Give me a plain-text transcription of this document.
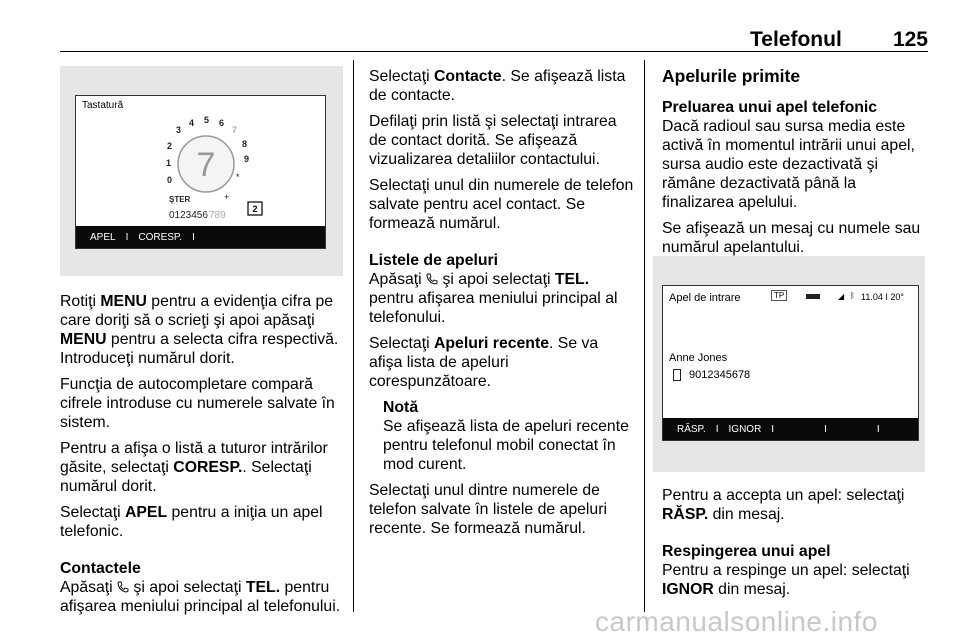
Telefonul 125
Tastatură
3
4 5 6
7
2	8
1	9
0 7 *
+
ŞTER
0123456 789
2
APEL I CORESP. I

Rotiţi MENU pentru a evidenţia cifra pe care doriţi să o scrieţi şi apoi apăsaţi MENU pentru a selecta cifra respectivă. Introduceţi numărul dorit.

Funcţia de autocompletare compară cifrele introduse cu numerele salvate în sistem.

Pentru a afişa o listă a tuturor intrărilor găsite, selectaţi CORESP.. Selectaţi numărul dorit.

Selectaţi APEL pentru a iniţia un apel telefonic.

Contactele

Apăsaţi  şi apoi selectaţi TEL. pentru afişarea meniului principal al telefonului.

Selectaţi Contacte. Se afişează lista de contacte.

Defilaţi prin listă şi selectaţi intrarea de contact dorită. Se afişează vizualizarea detaliilor contactului.

Selectaţi unul din numerele de telefon salvate pentru acel contact. Se formează numărul.

Listele de apeluri

Apăsaţi  şi apoi selectaţi TEL. pentru afişarea meniului principal al telefonului.

Selectaţi Apeluri recente. Se va afişa lista de apeluri corespunzătoare.

Notă

Se afişează lista de apeluri recente pentru telefonul mobil conectat în mod curent.

Selectaţi unul dintre numerele de telefon salvate în listele de apeluri recente. Se formează numărul.

Apelurile primite

Preluarea unui apel telefonic

Dacă radioul sau sursa media este activă în momentul intrării unui apel, sursa audio este dezactivată şi rămâne dezactivată până la finalizarea apelului.

Se afişează un mesaj cu numele sau numărul apelantului.

Apel de intrare	TP	◢ ᛒ 11.04 I 20°
Anne Jones
9012345678
RĂSP. I IGNOR I	I	I

Pentru a accepta un apel: selectaţi RĂSP. din mesaj.

Respingerea unui apel

Pentru a respinge un apel: selectaţi IGNOR din mesaj.

carmanualsonline.info
